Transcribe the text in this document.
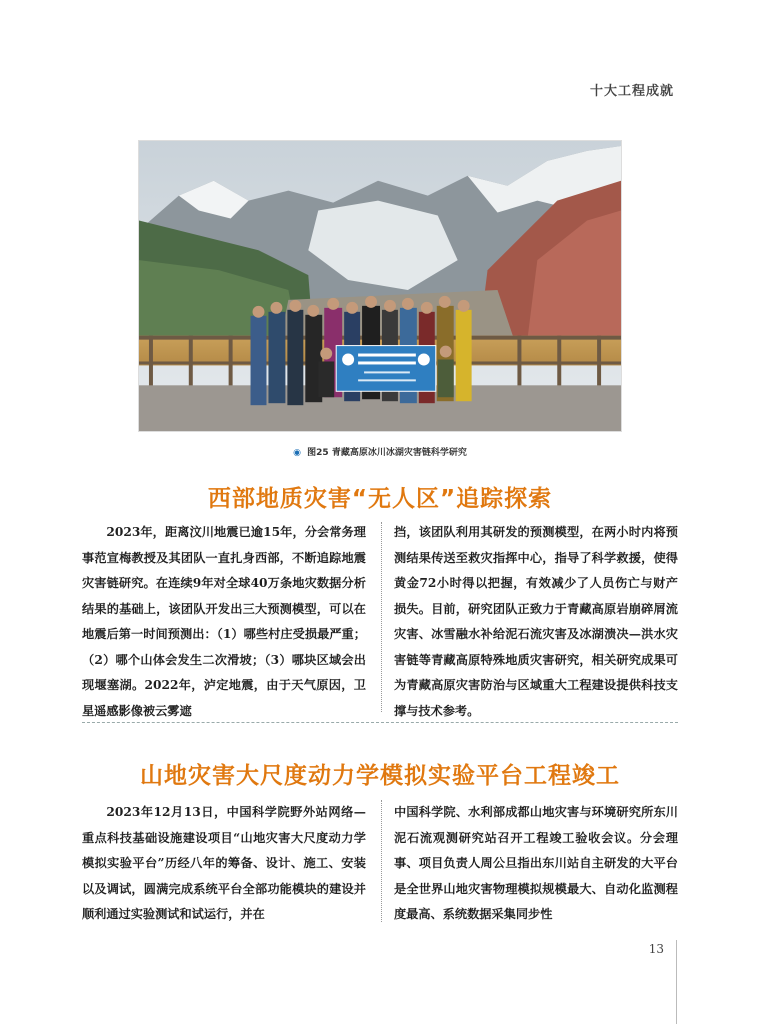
十大工程成就
◉ 图25 青藏高原冰川冰湖灾害链科学研究
西部地质灾害“无人区”追踪探索

2023年，距离汶川地震已逾15年，分会常务理事范宣梅教授及其团队一直扎身西部，不断追踪地震灾害链研究。在连续9年对全球40万条地灾数据分析结果的基础上，该团队开发出三大预测模型，可以在地震后第一时间预测出：（1）哪些村庄受损最严重；（2）哪个山体会发生二次滑坡；（3）哪块区域会出现堰塞湖。2022年，泸定地震，由于天气原因，卫星遥感影像被云雾遮

挡，该团队利用其研发的预测模型，在两小时内将预测结果传送至救灾指挥中心，指导了科学救援，使得黄金72小时得以把握，有效减少了人员伤亡与财产损失。目前，研究团队正致力于青藏高原岩崩碎屑流灾害、冰雪融水补给泥石流灾害及冰湖溃决—洪水灾害链等青藏高原特殊地质灾害研究，相关研究成果可为青藏高原灾害防治与区域重大工程建设提供科技支撑与技术参考。

山地灾害大尺度动力学模拟实验平台工程竣工

2023年12月13日，中国科学院野外站网络—重点科技基础设施建设项目“山地灾害大尺度动力学模拟实验平台”历经八年的筹备、设计、施工、安装以及调试，圆满完成系统平台全部功能模块的建设并顺利通过实验测试和试运行，并在

中国科学院、水利部成都山地灾害与环境研究所东川泥石流观测研究站召开工程竣工验收会议。分会理事、项目负责人周公旦指出东川站自主研发的大平台是全世界山地灾害物理模拟规模最大、自动化监测程度最高、系统数据采集同步性

13
